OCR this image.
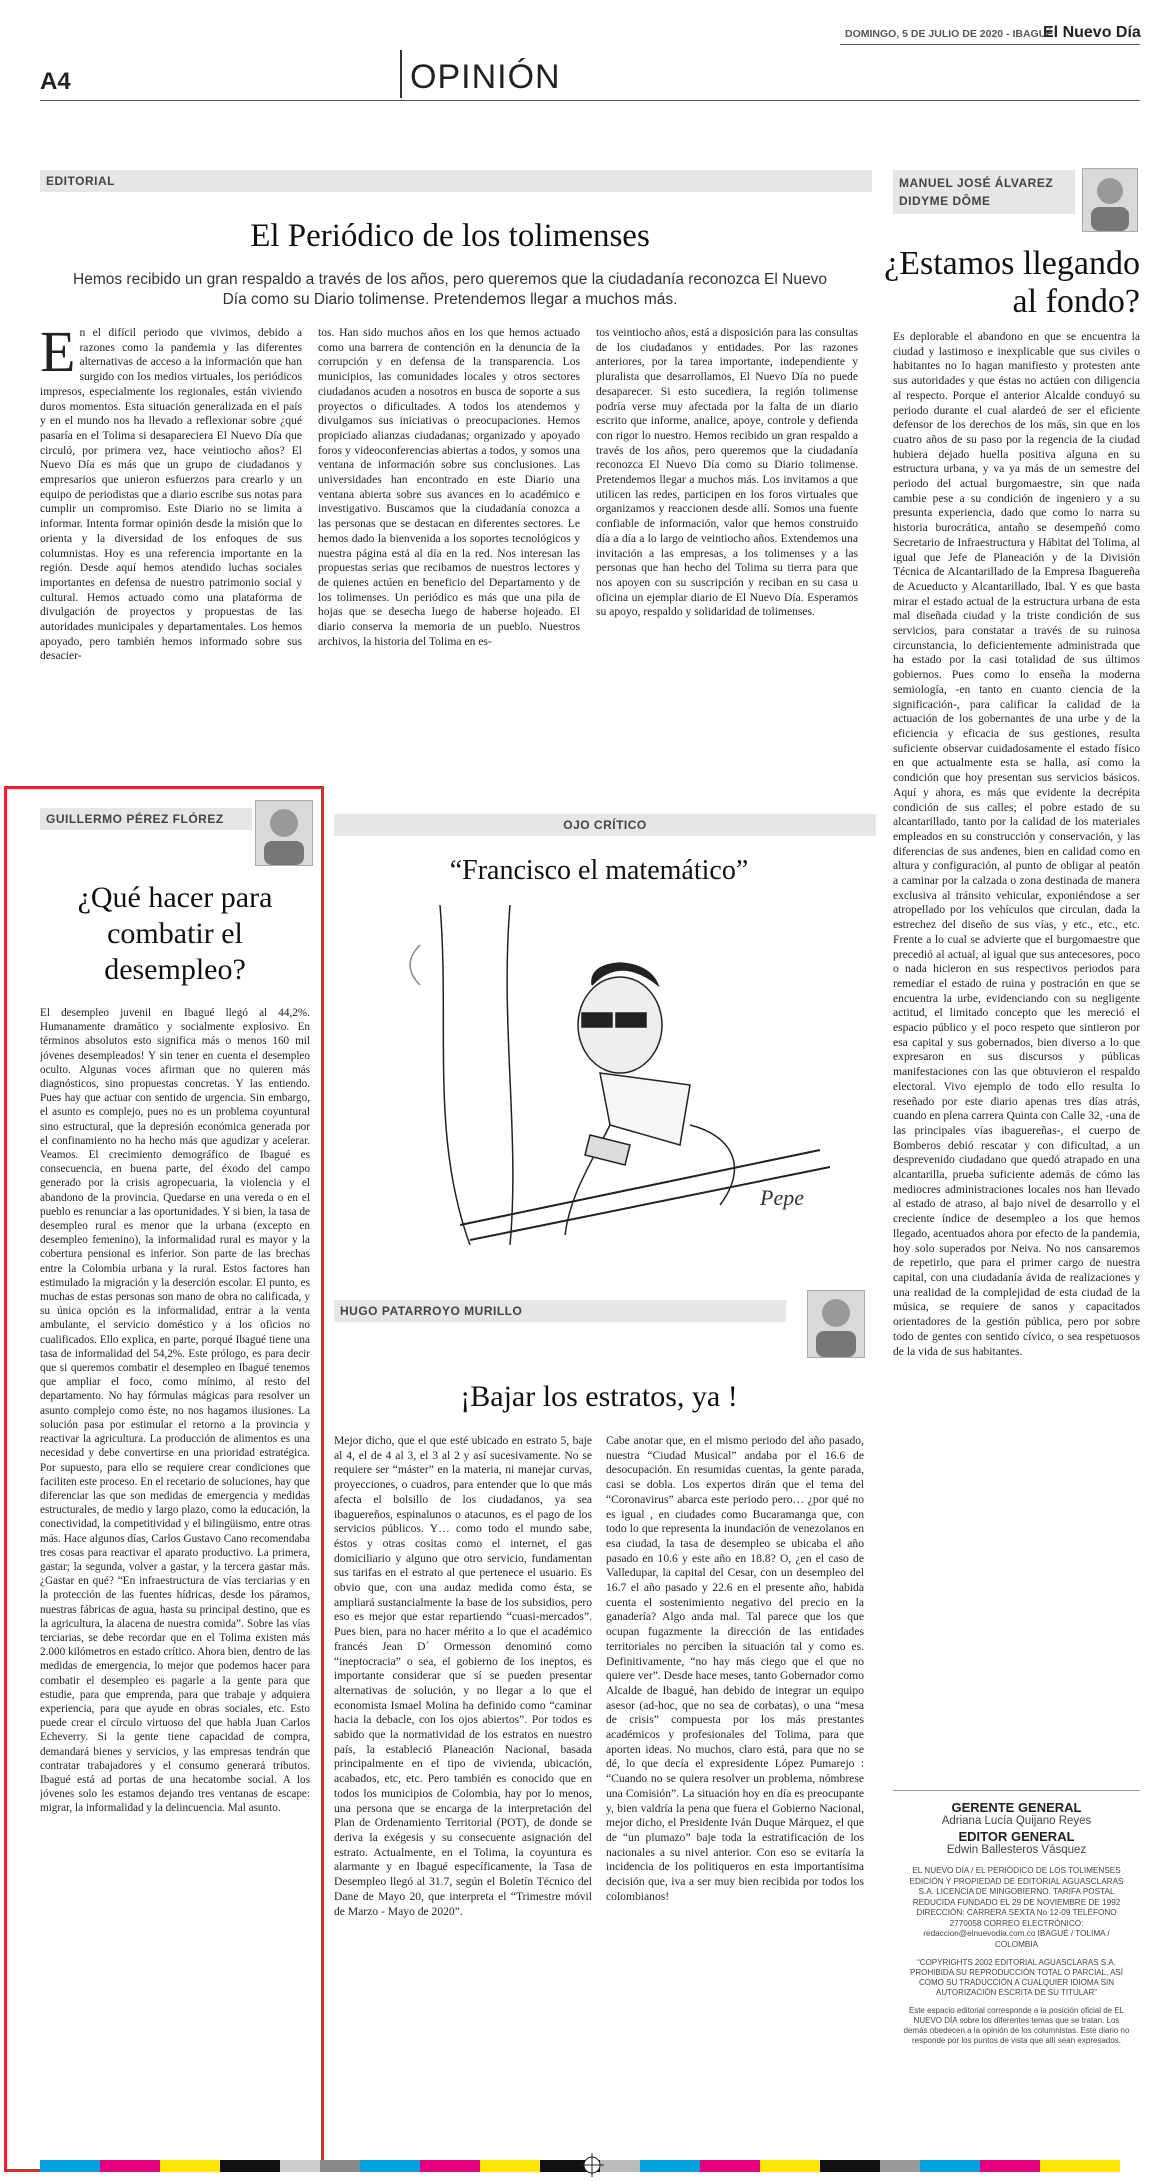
DOMINGO, 5 DE JULIO DE 2020 - IBAGUÉ
El Nuevo Día
A4	OPINIÓN
EDITORIAL
El Periódico de los tolimenses
Hemos recibido un gran respaldo a través de los años, pero queremos que la ciudadanía reconozca El Nuevo Día como su Diario tolimense. Pretendemos llegar a muchos más.
En el difícil periodo que vivimos, debido a razones como la pandemia y las diferentes alternativas de acceso a la información que han surgido con los medios virtuales, los periódicos impresos, especialmente los regionales, están viviendo duros momentos. Esta situación generalizada en el país y en el mundo nos ha llevado a reflexionar sobre ¿qué pasaría en el Tolima si desapareciera El Nuevo Día que circuló, por primera vez, hace veintiocho años? El Nuevo Día es más que un grupo de ciudadanos y empresarios que unieron esfuerzos para crearlo y un equipo de periodistas que a diario escribe sus notas para cumplir un compromiso. Este Diario no se limita a informar. Intenta formar opinión desde la misión que lo orienta y la diversidad de los enfoques de sus columnistas. Hoy es una referencia importante en la región. Desde aquí hemos atendido luchas sociales importantes en defensa de nuestro patrimonio social y cultural. Hemos actuado como una plataforma de divulgación de proyectos y propuestas de las autoridades municipales y departamentales. Los hemos apoyado, pero también hemos informado sobre sus desacier-
tos. Han sido muchos años en los que hemos actuado como una barrera de contención en la denuncia de la corrupción y en defensa de la transparencia. Los municipios, las comunidades locales y otros sectores ciudadanos acuden a nosotros en busca de soporte a sus proyectos o dificultades. A todos los atendemos y divulgamos sus iniciativas o preocupaciones. Hemos propiciado alianzas ciudadanas; organizado y apoyado foros y videoconferencias abiertas a todos, y somos una ventana de información sobre sus conclusiones. Las universidades han encontrado en este Diario una ventana abierta sobre sus avances en lo académico e investigativo. Buscamos que la ciudadanía conozca a las personas que se destacan en diferentes sectores. Le hemos dado la bienvenida a los soportes tecnológicos y nuestra página está al día en la red. Nos interesan las propuestas serias que recibamos de nuestros lectores y de quienes actúen en beneficio del Departamento y de los tolimenses. Un periódico es más que una pila de hojas que se desecha luego de haberse hojeado. El diario conserva la memoria de un pueblo. Nuestros archivos, la historia del Tolima en es-
tos veintiocho años, está a disposición para las consultas de los ciudadanos y entidades. Por las razones anteriores, por la tarea importante, independiente y pluralista que desarrollamos, El Nuevo Día no puede desaparecer. Si esto sucediera, la región tolimense podría verse muy afectada por la falta de un diario escrito que informe, analice, apoye, controle y defienda con rigor lo nuestro. Hemos recibido un gran respaldo a través de los años, pero queremos que la ciudadanía reconozca El Nuevo Día como su Diario tolimense. Pretendemos llegar a muchos más. Los invitamos a que utilicen las redes, participen en los foros virtuales que organizamos y reaccionen desde allí. Somos una fuente confiable de información, valor que hemos construido día a día a lo largo de veintiocho años. Extendemos una invitación a las empresas, a los tolimenses y a las personas que han hecho del Tolima su tierra para que nos apoyen con su suscripción y reciban en su casa u oficina un ejemplar diario de El Nuevo Día. Esperamos su apoyo, respaldo y solidaridad de tolimenses.
MANUEL JOSÉ ÁLVAREZ DIDYME DÔME
¿Estamos llegando al fondo?
Es deplorable el abandono en que se encuentra la ciudad y lastimoso e inexplicable que sus civiles o habitantes no lo hagan manifiesto y protesten ante sus autoridades y que éstas no actúen con diligencia al respecto. Porque el anterior Alcalde conduyó su periodo durante el cual alardeó de ser el eficiente defensor de los derechos de los más, sin que en los cuatro años de su paso por la regencia de la ciudad hubiera dejado huella positiva alguna en su estructura urbana, y va ya más de un semestre del periodo del actual burgomaestre, sin que nada cambie pese a su condición de ingeniero y a su presunta experiencia, dado que como lo narra su historia burocrática, antaño se desempeñó como Secretario de Infraestructura y Hábitat del Tolima, al igual que Jefe de Planeación y de la División Técnica de Alcantarillado de la Empresa Ibaguereña de Acueducto y Alcantarillado, Ibal. Y es que basta mirar el estado actual de la estructura urbana de esta mal diseñada ciudad y la triste condición de sus servicios, para constatar a través de su ruinosa circunstancia, lo deficientemente administrada que ha estado por la casi totalidad de sus últimos gobiernos. Pues como lo enseña la moderna semiología, -en tanto en cuanto ciencia de la significación-, para calificar la calidad de la actuación de los gobernantes de una urbe y de la eficiencia y eficacia de sus gestiones, resulta suficiente observar cuidadosamente el estado físico en que actualmente esta se halla, así como la condición que hoy presentan sus servicios básicos. Aquí y ahora, es más que evidente la decrépita condición de sus calles; el pobre estado de su alcantarillado, tanto por la calidad de los materiales empleados en su construcción y conservación, y las diferencias de sus andenes, bien en calidad como en altura y configuración, al punto de obligar al peatón a caminar por la calzada o zona destinada de manera exclusiva al tránsito vehicular, exponiéndose a ser atropellado por los vehículos que circulan, dada la estrechez del diseño de sus vías, y etc., etc., etc. Frente a lo cual se advierte que el burgomaestre que precedió al actual, al igual que sus antecesores, poco o nada hicieron en sus respectivos periodos para remediar el estado de ruina y postración en que se encuentra la urbe, evidenciando con su negligente actitud, el limitado concepto que les mereció el espacio público y el poco respeto que sintieron por esa capital y sus gobernados, bien diverso a lo que expresaron en sus discursos y públicas manifestaciones con las que obtuvieron el respaldo electoral. Vivo ejemplo de todo ello resulta lo reseñado por este diario apenas tres días atrás, cuando en plena carrera Quinta con Calle 32, -una de las principales vías ibaguereñas-, el cuerpo de Bomberos debió rescatar y con dificultad, a un desprevenido ciudadano que quedó atrapado en una alcantarilla, prueba suficiente además de cómo las mediocres administraciones locales nos han llevado al estado de atraso, al bajo nivel de desarrollo y el creciente índice de desempleo a los que hemos llegado, acentuados ahora por efecto de la pandemia, hoy solo superados por Neiva. No nos cansaremos de repetirlo, que para el primer cargo de nuestra capital, con una ciudadanía ávida de realizaciones y una realidad de la complejidad de esta ciudad de la música, se requiere de sanos y capacitados orientadores de la gestión pública, pero por sobre todo de gentes con sentido cívico, o sea respetuosos de la vida de sus habitantes.
GUILLERMO PÉREZ FLÓREZ
¿Qué hacer para combatir el desempleo?
El desempleo juvenil en Ibagué llegó al 44,2%. Humanamente dramático y socialmente explosivo. En términos absolutos esto significa más o menos 160 mil jóvenes desempleados! Y sin tener en cuenta el desempleo oculto. Algunas voces afirman que no quieren más diagnósticos, sino propuestas concretas. Y las entiendo. Pues hay que actuar con sentido de urgencia. Sin embargo, el asunto es complejo, pues no es un problema coyuntural sino estructural, que la depresión económica generada por el confinamiento no ha hecho más que agudizar y acelerar. Veamos. El crecimiento demográfico de Ibagué es consecuencia, en buena parte, del éxodo del campo generado por la crisis agropecuaria, la violencia y el abandono de la provincia. Quedarse en una vereda o en el pueblo es renunciar a las oportunidades. Y si bien, la tasa de desempleo rural es menor que la urbana (excepto en desempleo femenino), la informalidad rural es mayor y la cobertura pensional es inferior. Son parte de las brechas entre la Colombia urbana y la rural. Estos factores han estimulado la migración y la deserción escolar. El punto, es muchas de estas personas son mano de obra no calificada, y su única opción es la informalidad, entrar a la venta ambulante, el servicio doméstico y a los oficios no cualificados. Ello explica, en parte, porqué Ibagué tiene una tasa de informalidad del 54,2%. Este prólogo, es para decir que si queremos combatir el desempleo en Ibagué tenemos que ampliar el foco, como mínimo, al resto del departamento. No hay fórmulas mágicas para resolver un asunto complejo como éste, no nos hagamos ilusiones. La solución pasa por estimular el retorno a la provincia y reactivar la agricultura. La producción de alimentos es una necesidad y debe convertirse en una prioridad estratégica. Por supuesto, para ello se requiere crear condiciones que faciliten este proceso. En el recetario de soluciones, hay que diferenciar las que son medidas de emergencia y medidas estructurales, de medio y largo plazo, como la educación, la conectividad, la competitividad y el bilingüismo, entre otras más. Hace algunos días, Carlos Gustavo Cano recomendaba tres cosas para reactivar el aparato productivo. La primera, gastar; la segunda, volver a gastar, y la tercera gastar más. ¿Gastar en qué? “En infraestructura de vías terciarias y en la protección de las fuentes hídricas, desde los páramos, nuestras fábricas de agua, hasta su principal destino, que es la agricultura, la alacena de nuestra comida”. Sobre las vías terciarias, se debe recordar que en el Tolima existen más 2.000 kilómetros en estado crítico. Ahora bien, dentro de las medidas de emergencia, lo mejor que podemos hacer para combatir el desempleo es pagarle a la gente para que estudie, para que emprenda, para que trabaje y adquiera experiencia, para que ayude en obras sociales, etc. Esto puede crear el círculo virtuoso del que habla Juan Carlos Echeverry. Si la gente tiene capacidad de compra, demandará bienes y servicios, y las empresas tendrán que contratar trabajadores y el consumo generará tributos. Ibagué está ad portas de una hecatombe social. A los jóvenes solo les estamos dejando tres ventanas de escape: migrar, la informalidad y la delincuencia. Mal asunto.
OJO CRÍTICO
“Francisco el matemático”
Pepe
HUGO PATARROYO MURILLO
¡Bajar los estratos, ya !
Mejor dicho, que el que esté ubicado en estrato 5, baje al 4, el de 4 al 3, el 3 al 2 y así sucesivamente. No se requiere ser “máster” en la materia, ni manejar curvas, proyecciones, o cuadros, para entender que lo que más afecta el bolsillo de los ciudadanos, ya sea ibaguereños, espinalunos o atacunos, es el pago de los servicios públicos. Y… como todo el mundo sabe, éstos y otras cositas como el internet, el gas domiciliario y alguno que otro servicio, fundamentan sus tarifas en el estrato al que pertenece el usuario. Es obvio que, con una audaz medida como ésta, se ampliará sustancialmente la base de los subsidios, pero eso es mejor que estar repartiendo “cuasi-mercados”. Pues bien, para no hacer mérito a lo que el académico francés Jean D´ Ormesson denominó como “ineptocracia” o sea, el gobierno de los ineptos, es importante considerar que sí se pueden presentar alternativas de solución, y no llegar a lo que el economista Ismael Molina ha definido como “caminar hacia la debacle, con los ojos abiertos”. Por todos es sabido que la normatividad de los estratos en nuestro país, la estableció Planeación Nacional, basada principalmente en el tipo de vivienda, ubicación, acabados, etc, etc. Pero también es conocido que en todos los municipios de Colombia, hay por lo menos, una persona que se encarga de la interpretación del Plan de Ordenamiento Territorial (POT), de donde se deriva la exégesis y su consecuente asignación del estrato. Actualmente, en el Tolima, la coyuntura es alarmante y en Ibagué específicamente, la Tasa de Desempleo llegó al 31.7, según el Boletín Técnico del Dane de Mayo 20, que interpreta el “Trimestre móvil de Marzo - Mayo de 2020”.
Cabe anotar que, en el mismo periodo del año pasado, nuestra “Ciudad Musical” andaba por el 16.6 de desocupación. En resumidas cuentas, la gente parada, casi se dobla. Los expertos dirán que el tema del “Coronavirus” abarca este periodo pero… ¿por qué no es igual , en ciudades como Bucaramanga que, con todo lo que representa la inundación de venezolanos en esa ciudad, la tasa de desempleo se ubicaba el año pasado en 10.6 y este año en 18.8? O, ¿en el caso de Valledupar, la capital del Cesar, con un desempleo del 16.7 el año pasado y 22.6 en el presente año, habida cuenta el sostenimiento negativo del precio en la ganadería? Algo anda mal. Tal parece que los que ocupan fugazmente la dirección de las entidades territoriales no perciben la situación tal y como es. Definitivamente, “no hay más ciego que el que no quiere ver”. Desde hace meses, tanto Gobernador como Alcalde de Ibagué, han debido de integrar un equipo asesor (ad-hoc, que no sea de corbatas), o una “mesa de crisis” compuesta por los más prestantes académicos y profesionales del Tolima, para que aporten ideas. No muchos, claro está, para que no se dé, lo que decía el expresidente López Pumarejo : “Cuando no se quiera resolver un problema, nómbrese una Comisión”. La situación hoy en día es preocupante y, bien valdría la pena que fuera el Gobierno Nacional, mejor dicho, el Presidente Iván Duque Márquez, el que de “un plumazo” baje toda la estratificación de los nacionales a su nivel anterior. Con eso se evitaría la incidencia de los politiqueros en esta importantísima decisión que, iva a ser muy bien recibida por todos los colombianos!
GERENTE GENERAL
Adriana Lucía Quijano Reyes
EDITOR GENERAL
Edwin Ballesteros Vásquez
EL NUEVO DÍA / EL PERIÓDICO DE LOS TOLIMENSES EDICIÓN Y PROPIEDAD DE EDITORIAL AGUASCLARAS S.A. LICENCIA DE MINGOBIERNO. TARIFA POSTAL REDUCIDA FUNDADO EL 29 DE NOVIEMBRE DE 1992 DIRECCIÓN: CARRERA SEXTA No 12-09 TELÉFONO 2770058 CORREO ELECTRÓNICO: redaccion@elnuevodia.com.co IBAGUÉ / TOLIMA / COLOMBIA
“COPYRIGHTS 2002 EDITORIAL AGUASCLARAS S.A. PROHIBIDA SU REPRODUCCIÓN TOTAL O PARCIAL, ASÍ COMO SU TRADUCCIÓN A CUALQUIER IDIOMA SIN AUTORIZACIÓN ESCRITA DE SU TITULAR”
Este espacio editorial corresponde a la posición oficial de EL NUEVO DÍA sobre los diferentes temas que se tratan. Los demás obedecen a la opinión de los columnistas. Este diario no responde por los puntos de vista que allí sean expresados.
